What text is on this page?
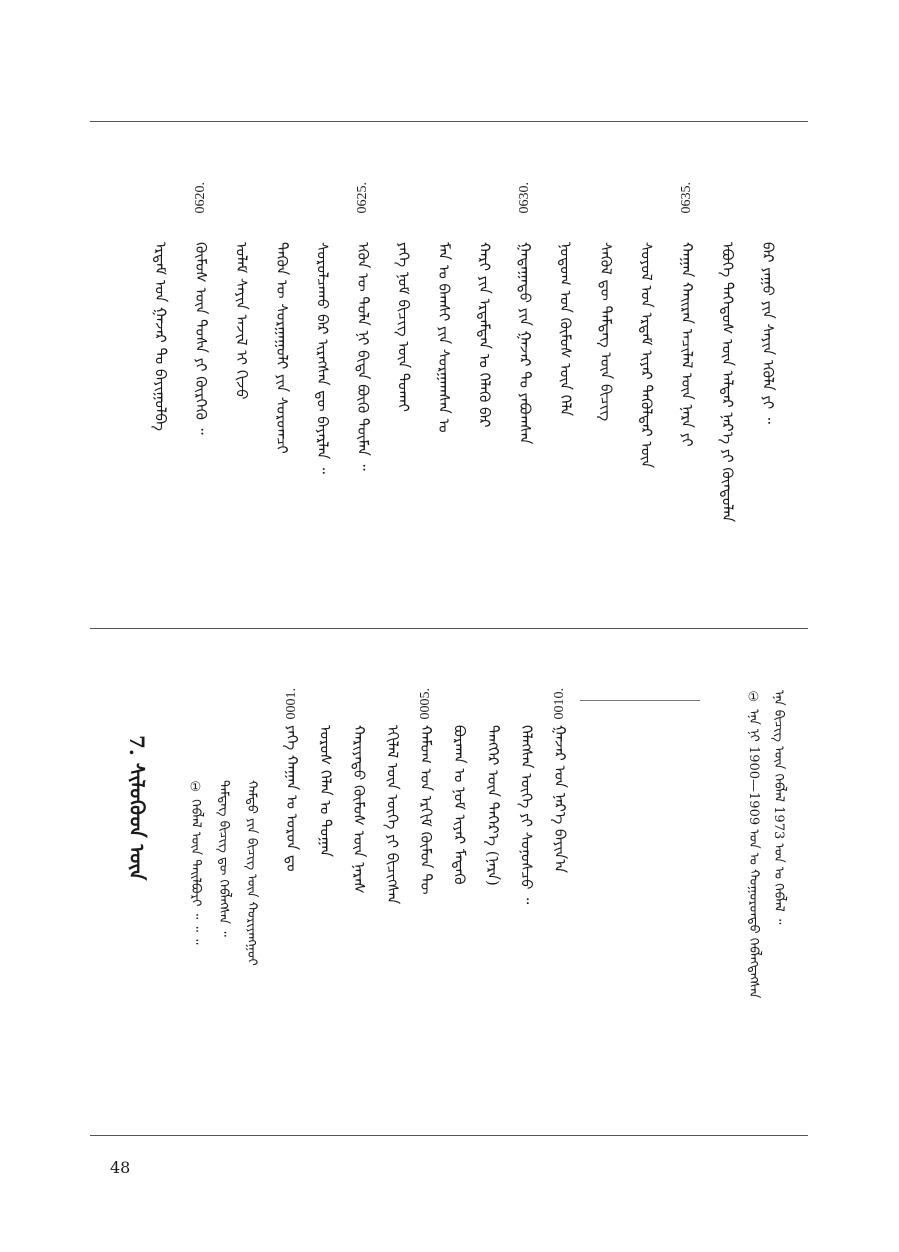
ᠪᠡᠷ ᠶᠠᠭᠤ ᠶᠢᠨ ᠰᠠᠶᠢᠨ ᠡᠭᠦᠯᠡ ᠶᠢ ᠃
ᠡᠪᠦᠭᠡ ᠳᠡᠭᠡᠳᠦᠰ ᠦᠨ ᠠᠯᠳᠠᠷ ᠨᠡᠷ᠎ᠡ ᠶᠢ ᠬᠦᠨᠳᠦᠯᠡᠨ
ᠬᠠᠭᠠᠨ ᠬᠠᠢᠷᠠᠨ ᠠᠴᠢᠯᠠᠯ ᠦᠨ ᠨᠠᠷᠠ ᠶᠢ
0635.
ᠰᠤᠶᠤᠯ ᠤᠨ ᠡᠷᠳᠡᠮ ᠢᠶᠡᠷ ᠲᠡᠭᠦᠯᠳᠡᠷ ᠦᠨ
ᠰᠡᠭᠦᠯ ᠳᠦ ᠲᠡᠮᠳᠡᠭ ᠦᠨ ᠪᠢᠴᠢᠭ᠌
ᠨᠤᠲᠤᠭ ᠤᠨ ᠬᠦᠮᠦᠰ ᠦᠨ ᠬᠡᠯᠡ
ᠭᠠᠳᠠᠭᠠᠳᠤ ᠶᠢᠨ ᠭᠠᠵᠠᠷ ᠲᠤ ᠶᠠᠪᠤᠭᠰᠠᠨ
0630.
ᠬᠠᠷᠢ ᠶᠢᠨ ᠡᠷᠳᠡᠮᠲᠡᠨ ᠤ ᠬᠡᠯᠡᠬᠦ ᠪᠡᠷ
ᠮᠠᠨ ᠤ ᠪᠠᠭᠰᠢ ᠶᠢᠨ ᠰᠤᠷᠭᠠᠭᠰᠠᠨ ᠤ
ᠶᠡᠬᠡ ᠨᠤᠮ ᠪᠢᠴᠢᠭ ᠦᠨ ᠲᠤᠬᠠᠢ
ᠡᠭᠦᠨ ᠦ ᠲᠤᠯᠠ ᠨᠢ ᠪᠢᠳᠡ ᠪᠦᠬᠦ ᠲᠦᠮᠡᠨ ᠃
0625.
ᠰᠤᠷᠤᠯᠴᠠᠬᠤ ᠪᠡᠷ ᠢᠷᠡᠭᠰᠡᠨ ᠳᠦ ᠪᠠᠶᠠᠷᠯᠠᠨ ᠃
ᠲᠡᠭᠦᠨ ᠦ ᠰᠤᠷᠭᠠᠭᠤᠯᠢ ᠶᠢᠨ ᠰᠤᠷᠤᠭᠴᠢ
ᠤᠯᠠᠮ ᠰᠠᠶᠢᠨ ᠠᠵᠢᠯ ᠢ ᠬᠢᠵᠦ
ᠬᠦᠮᠦᠰ ᠦᠨ ᠲᠤᠰᠠ ᠶᠢ ᠬᠦᠷᠭᠡᠬᠦ ᠃
0620.
ᠡᠷᠳᠡᠮ ᠤᠨ ᠭᠠᠵᠠᠷ ᠲᠤ ᠪᠠᠶᠢᠭᠤᠯᠪᠠ
ᠡᠨᠡ ᠪᠢᠴᠢᠭ ᠦᠨ ᠬᠡᠪᠯᠡᠯ 1973 ᠣᠨ ᠤ ᠬᠡᠪᠯᠡᠯ ᠃
① ᠡᠨᠡ ᠨᠢ 1900—1909 ᠣᠨ ᠤ ᠬᠣᠭᠣᠷᠣᠨᠳᠣ ᠬᠡᠪᠯᠡᠭᠳᠡᠭᠰᠡᠨ
ᠭᠠᠵᠠᠷ ᠤᠨ ᠨᠡᠷ᠎ᠡ ᠪᠠᠶᠢᠨ᠎ᠠ
0010.
ᠬᠡᠯᠡᠭᠰᠡᠨ ᠦᠭᠡ ᠶᠢ ᠰᠣᠨᠣᠰᠴᠤ ᠃
ᠲᠡᠩᠭᠡᠷ ᠦᠨ ᠳᠡᠭᠡᠷ᠎ᠡ (ᠨᠠᠷᠠ)
ᠪᠤᠷᠬᠠᠨ ᠤ ᠨᠣᠮ ᠢᠶᠠᠷ ᠮᠡᠳᠡᠬᠦ
ᠬᠠᠮᠤᠭ ᠤᠨ ᠡᠷᠬᠢᠮ ᠬᠦᠮᠦᠨ ᠲᠦ
0005.
ᠡᠬᠢᠯᠡᠯ ᠦᠨ ᠦᠭᠡ ᠶᠢ ᠪᠢᠴᠢᠭᠰᠡᠨ
ᠬᠠᠷᠢᠶᠠᠲᠤ ᠬᠦᠮᠦᠰ ᠦᠨ ᠨᠡᠷᠡᠰ
ᠤᠷᠤᠰ ᠬᠡᠯᠡᠨ ᠤ ᠲᠣᠭᠠᠨ
ᠶᠡᠬᠡ ᠬᠠᠭᠠᠨ ᠤ ᠤᠷᠤᠨ ᠳᠤ
0001.
7. ᠰᠢᠯᠦᠭᠦᠳ ᠦᠨ	ᠬᠠᠮᠲᠤ ᠶᠢᠨ ᠪᠢᠴᠢᠭ ᠦᠨ ᠬᠤᠷᠢᠶᠠᠩᠭᠤᠢ
ᠲᠡᠮᠳᠡᠭ ᠪᠢᠴᠢᠭ ᠳᠦ ᠬᠡᠪᠯᠡᠭᠰᠡᠨ ᠃
① ᠬᠡᠪᠯᠡᠯ ᠦᠨ ᠲᠠᠢᠯᠪᠤᠷᠢ ᠃ ᠃ ᠃
48
